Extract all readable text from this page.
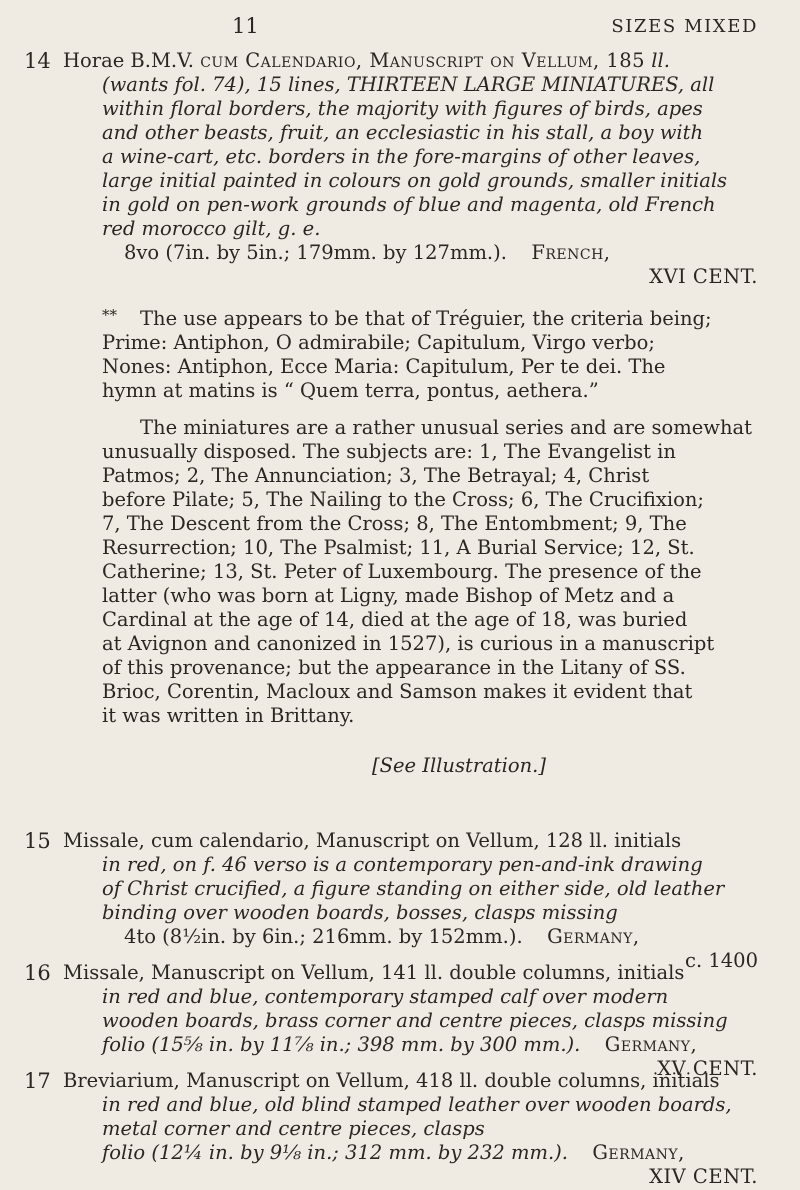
11	SIZES MIXED
14 Horae B.M.V. cum Calendario, Manuscript on Vellum, 185 ll.
(wants fol. 74), 15 lines, THIRTEEN LARGE MINIATURES, all
within floral borders, the majority with figures of birds, apes
and other beasts, fruit, an ecclesiastic in his stall, a boy with
a wine-cart, etc. borders in the fore-margins of other leaves,
large initial painted in colours on gold grounds, smaller initials
in gold on pen-work grounds of blue and magenta, old French
red morocco gilt, g. e.
8vo (7in. by 5in.; 179mm. by 127mm.). French,
XVI CENT.
** The use appears to be that of Tréguier, the criteria being;
Prime: Antiphon, O admirabile; Capitulum, Virgo verbo;
Nones: Antiphon, Ecce Maria: Capitulum, Per te dei. The
hymn at matins is “ Quem terra, pontus, aethera.”
The miniatures are a rather unusual series and are somewhat
unusually disposed. The subjects are: 1, The Evangelist in
Patmos; 2, The Annunciation; 3, The Betrayal; 4, Christ
before Pilate; 5, The Nailing to the Cross; 6, The Crucifixion;
7, The Descent from the Cross; 8, The Entombment; 9, The
Resurrection; 10, The Psalmist; 11, A Burial Service; 12, St.
Catherine; 13, St. Peter of Luxembourg. The presence of the
latter (who was born at Ligny, made Bishop of Metz and a
Cardinal at the age of 14, died at the age of 18, was buried
at Avignon and canonized in 1527), is curious in a manuscript
of this provenance; but the appearance in the Litany of SS.
Brioc, Corentin, Macloux and Samson makes it evident that
it was written in Brittany.
[See Illustration.]
15 Missale, cum calendario, Manuscript on Vellum, 128 ll. initials
in red, on f. 46 verso is a contemporary pen-and-ink drawing
of Christ crucified, a figure standing on either side, old leather
binding over wooden boards, bosses, clasps missing
4to (8½in. by 6in.; 216mm. by 152mm.). Germany,
c. 1400
16 Missale, Manuscript on Vellum, 141 ll. double columns, initials
in red and blue, contemporary stamped calf over modern
wooden boards, brass corner and centre pieces, clasps missing
folio (15⅝ in. by 11⅞ in.; 398 mm. by 300 mm.). Germany,
XV CENT.
17 Breviarium, Manuscript on Vellum, 418 ll. double columns, initials
in red and blue, old blind stamped leather over wooden boards,
metal corner and centre pieces, clasps
folio (12¼ in. by 9⅛ in.; 312 mm. by 232 mm.). Germany,
XIV CENT.
